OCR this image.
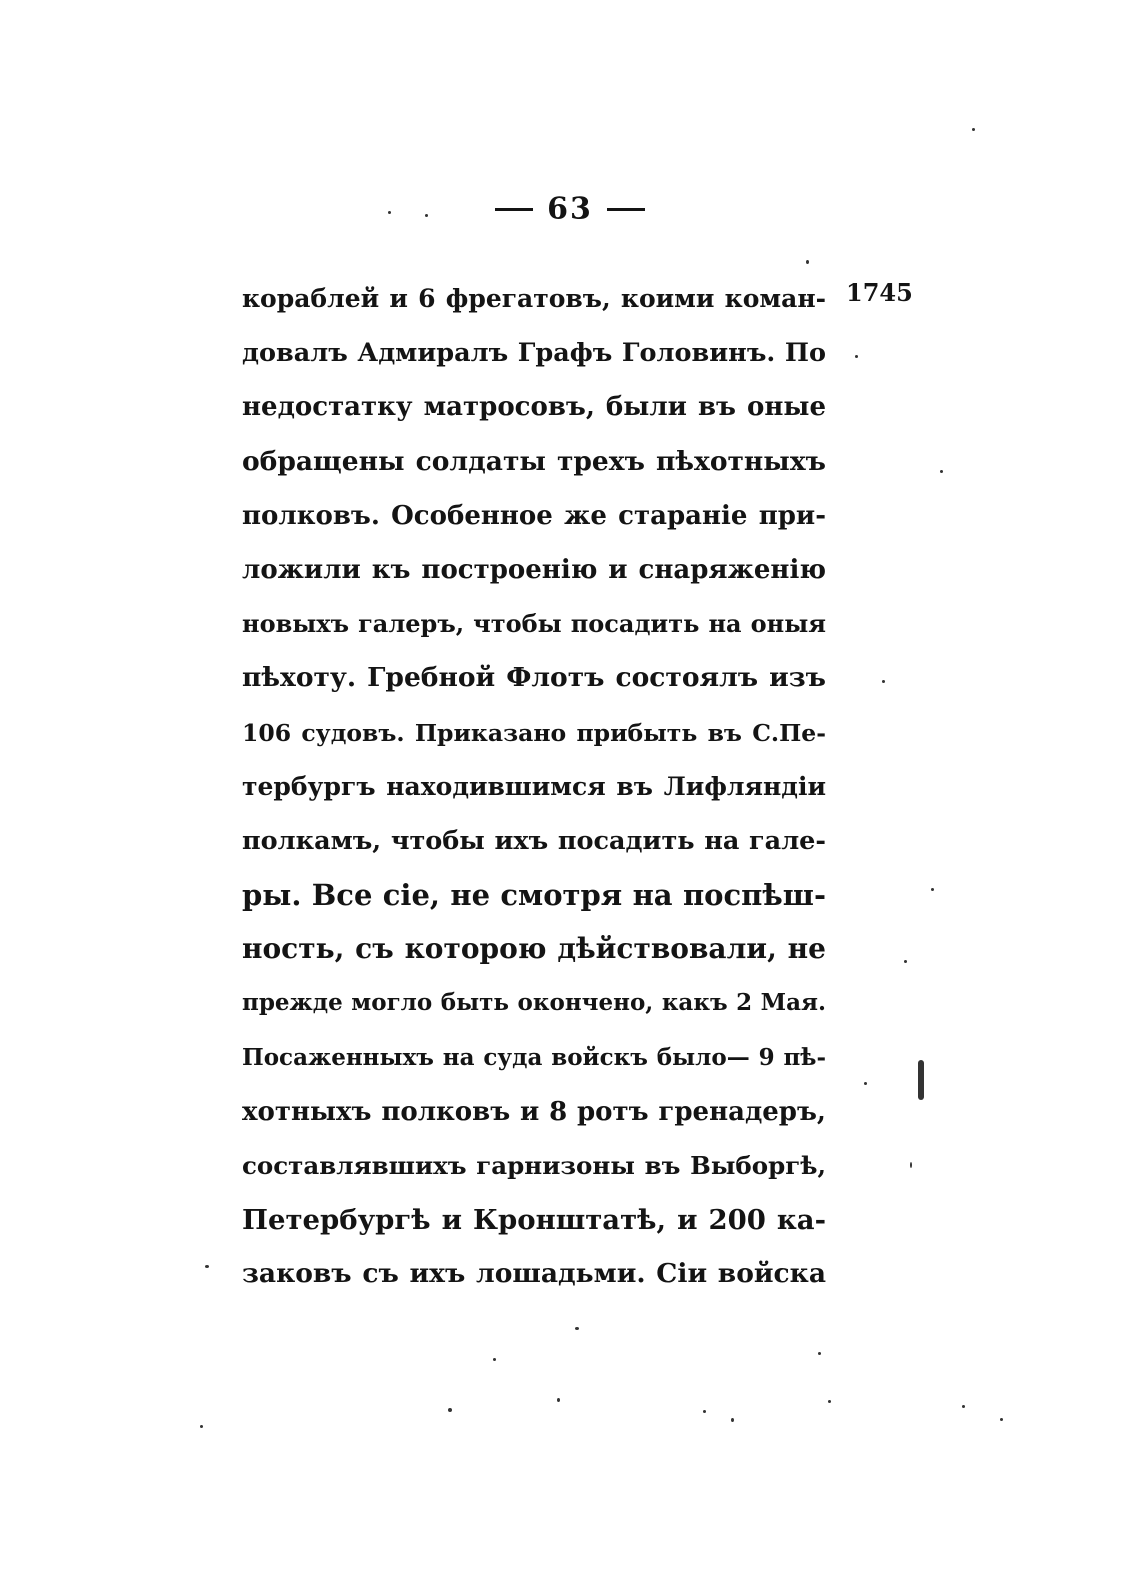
63
1745
кораблей и 6 фрегатовъ, коими коман-
довалъ Адмиралъ Графъ Головинъ. По
недостатку матросовъ, были въ оные
обращены солдаты трехъ пѣхотныхъ
полковъ. Особенное же стараніе при-
ложили къ построенію и снаряженію
новыхъ галеръ, чтобы посадить на оныя
пѣхоту. Гребной Флотъ состоялъ изъ
106 судовъ. Приказано прибыть въ С.Пе-
тербургъ находившимся въ Лифляндіи
полкамъ, чтобы ихъ посадить на гале-
ры. Все сіе, не смотря на поспѣш-
ность, съ которою дѣйствовали, не
прежде могло быть окончено, какъ 2 Мая.
Посаженныхъ на суда войскъ было— 9 пѣ-
хотныхъ полковъ и 8 ротъ гренадеръ,
составлявшихъ гарнизоны въ Выборгѣ,
Петербургѣ и Кронштатѣ, и 200 ка-
заковъ съ ихъ лошадьми. Сіи войска
